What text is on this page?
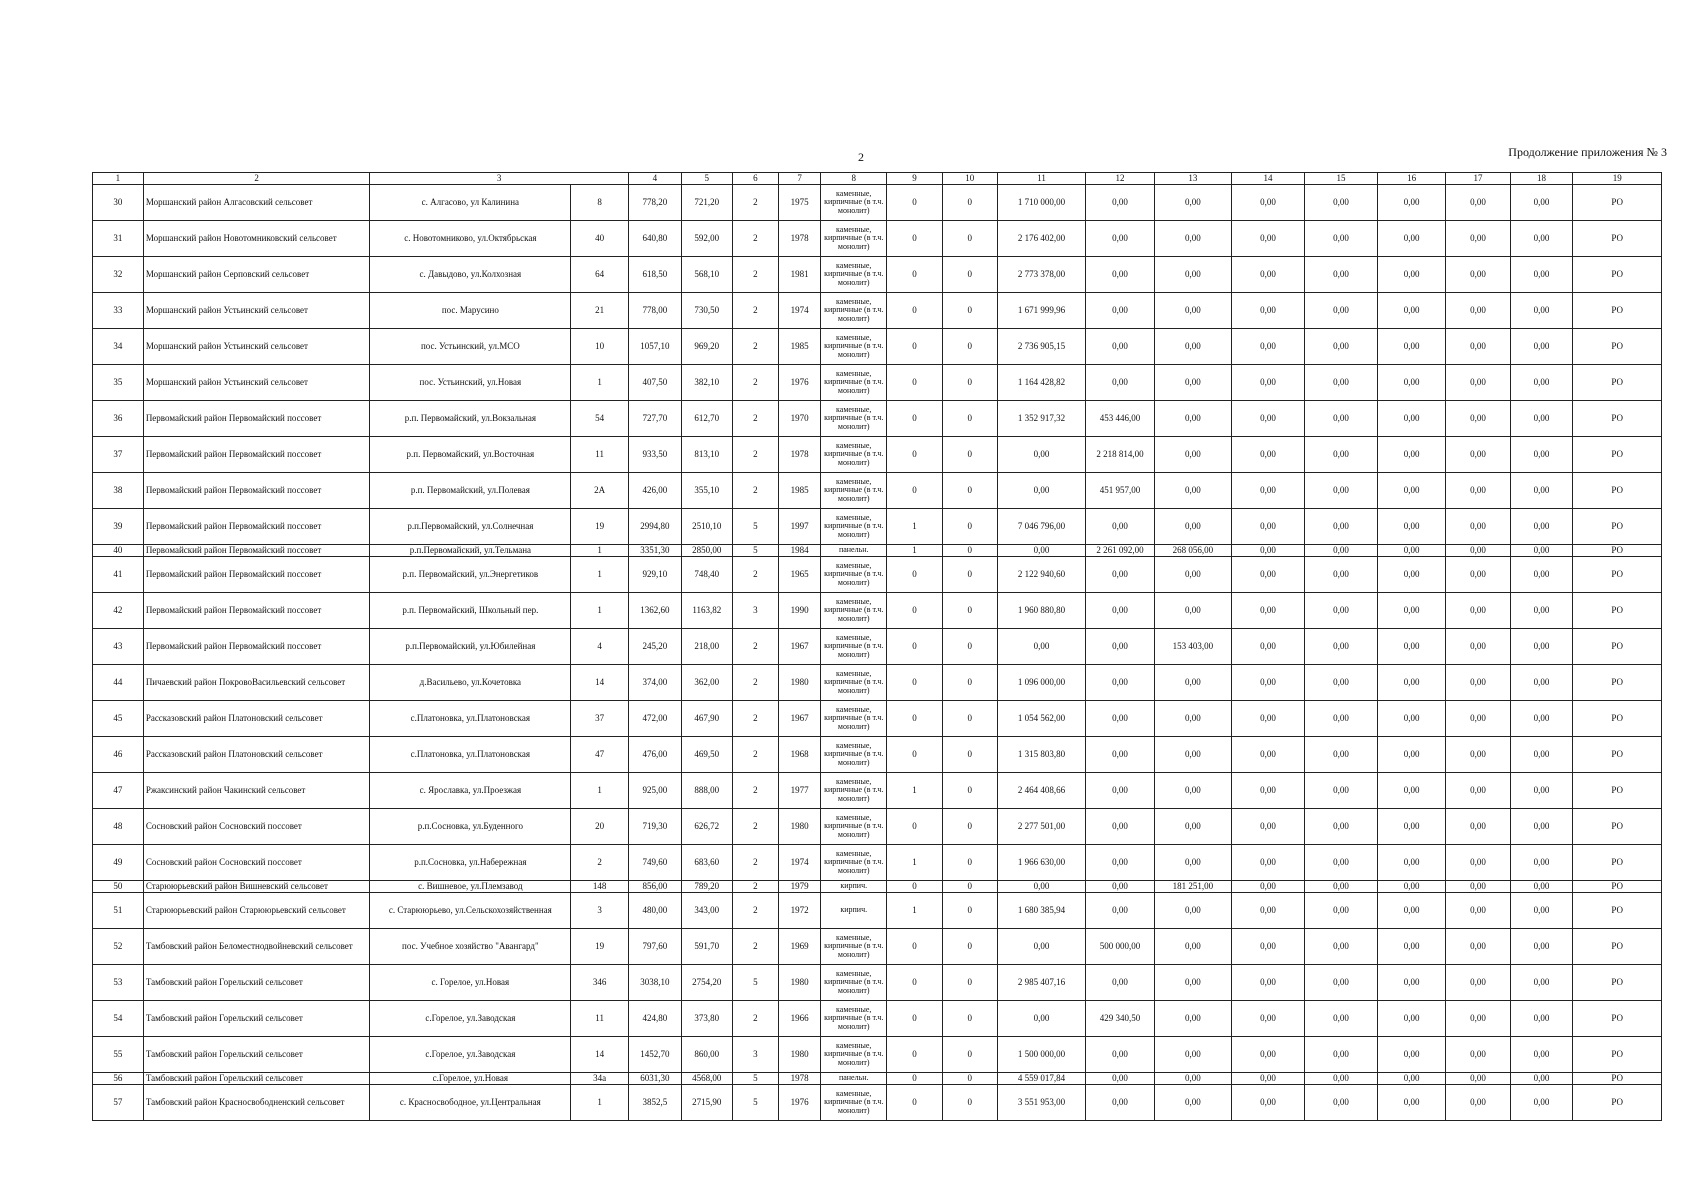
2	Продолжение приложения № 3
1	2	3		4	5	6	7	8	9	10	11	12	13	14	15	16	17	18	19
30	Моршанский район Алгасовский сельсовет	с. Алгасово, ул Калинина	8	778,20	721,20	2	1975	каменные, кирпичные (в т.ч. монолит)	0	0	1 710 000,00	0,00	0,00	0,00	0,00	0,00	0,00	0,00	РО
31	Моршанский район Новотомниковский сельсовет	с. Новотомниково, ул.Октябрьская	40	640,80	592,00	2	1978	каменные, кирпичные (в т.ч. монолит)	0	0	2 176 402,00	0,00	0,00	0,00	0,00	0,00	0,00	0,00	РО
32	Моршанский район Серповский сельсовет	с. Давыдово, ул.Колхозная	64	618,50	568,10	2	1981	каменные, кирпичные (в т.ч. монолит)	0	0	2 773 378,00	0,00	0,00	0,00	0,00	0,00	0,00	0,00	РО
33	Моршанский район Устьинский сельсовет	пос. Марусино	21	778,00	730,50	2	1974	каменные, кирпичные (в т.ч. монолит)	0	0	1 671 999,96	0,00	0,00	0,00	0,00	0,00	0,00	0,00	РО
34	Моршанский район Устьинский сельсовет	пос. Устьинский, ул.МСО	10	1057,10	969,20	2	1985	каменные, кирпичные (в т.ч. монолит)	0	0	2 736 905,15	0,00	0,00	0,00	0,00	0,00	0,00	0,00	РО
35	Моршанский район Устьинский сельсовет	пос. Устьинский, ул.Новая	1	407,50	382,10	2	1976	каменные, кирпичные (в т.ч. монолит)	0	0	1 164 428,82	0,00	0,00	0,00	0,00	0,00	0,00	0,00	РО
36	Первомайский район Первомайский поссовет	р.п. Первомайский, ул.Вокзальная	54	727,70	612,70	2	1970	каменные, кирпичные (в т.ч. монолит)	0	0	1 352 917,32	453 446,00	0,00	0,00	0,00	0,00	0,00	0,00	РО
37	Первомайский район Первомайский поссовет	р.п. Первомайский, ул.Восточная	11	933,50	813,10	2	1978	каменные, кирпичные (в т.ч. монолит)	0	0	0,00	2 218 814,00	0,00	0,00	0,00	0,00	0,00	0,00	РО
38	Первомайский район Первомайский поссовет	р.п. Первомайский, ул.Полевая	2А	426,00	355,10	2	1985	каменные, кирпичные (в т.ч. монолит)	0	0	0,00	451 957,00	0,00	0,00	0,00	0,00	0,00	0,00	РО
39	Первомайский район Первомайский поссовет	р.п.Первомайский, ул.Солнечная	19	2994,80	2510,10	5	1997	каменные, кирпичные (в т.ч. монолит)	1	0	7 046 796,00	0,00	0,00	0,00	0,00	0,00	0,00	0,00	РО
40	Первомайский район Первомайский поссовет	р.п.Первомайский, ул.Тельмана	1	3351,30	2850,00	5	1984	панельн.	1	0	0,00	2 261 092,00	268 056,00	0,00	0,00	0,00	0,00	0,00	РО
41	Первомайский район Первомайский поссовет	р.п. Первомайский, ул.Энергетиков	1	929,10	748,40	2	1965	каменные, кирпичные (в т.ч. монолит)	0	0	2 122 940,60	0,00	0,00	0,00	0,00	0,00	0,00	0,00	РО
42	Первомайский район Первомайский поссовет	р.п. Первомайский, Школьный пер.	1	1362,60	1163,82	3	1990	каменные, кирпичные (в т.ч. монолит)	0	0	1 960 880,80	0,00	0,00	0,00	0,00	0,00	0,00	0,00	РО
43	Первомайский район Первомайский поссовет	р.п.Первомайский, ул.Юбилейная	4	245,20	218,00	2	1967	каменные, кирпичные (в т.ч. монолит)	0	0	0,00	0,00	153 403,00	0,00	0,00	0,00	0,00	0,00	РО
44	Пичаевский район ПокровоВасильевский сельсовет	д.Васильево, ул.Кочетовка	14	374,00	362,00	2	1980	каменные, кирпичные (в т.ч. монолит)	0	0	1 096 000,00	0,00	0,00	0,00	0,00	0,00	0,00	0,00	РО
45	Рассказовский район Платоновский сельсовет	с.Платоновка, ул.Платоновская	37	472,00	467,90	2	1967	каменные, кирпичные (в т.ч. монолит)	0	0	1 054 562,00	0,00	0,00	0,00	0,00	0,00	0,00	0,00	РО
46	Рассказовский район Платоновский сельсовет	с.Платоновка, ул.Платоновская	47	476,00	469,50	2	1968	каменные, кирпичные (в т.ч. монолит)	0	0	1 315 803,80	0,00	0,00	0,00	0,00	0,00	0,00	0,00	РО
47	Ржаксинский район Чакинский сельсовет	с. Ярославка, ул.Проезжая	1	925,00	888,00	2	1977	каменные, кирпичные (в т.ч. монолит)	1	0	2 464 408,66	0,00	0,00	0,00	0,00	0,00	0,00	0,00	РО
48	Сосновский район Сосновский поссовет	р.п.Сосновка, ул.Буденного	20	719,30	626,72	2	1980	каменные, кирпичные (в т.ч. монолит)	0	0	2 277 501,00	0,00	0,00	0,00	0,00	0,00	0,00	0,00	РО
49	Сосновский район Сосновский поссовет	р.п.Сосновка, ул.Набережная	2	749,60	683,60	2	1974	каменные, кирпичные (в т.ч. монолит)	1	0	1 966 630,00	0,00	0,00	0,00	0,00	0,00	0,00	0,00	РО
50	Старююрьевский район Вишневский сельсовет	с. Вишневое, ул.Племзавод	148	856,00	789,20	2	1979	кирпич.	0	0	0,00	0,00	181 251,00	0,00	0,00	0,00	0,00	0,00	РО
51	Старююрьевский район Старююрьевский сельсовет	с. Старююрьево, ул.Сельскохозяйственная	3	480,00	343,00	2	1972	кирпич.	1	0	1 680 385,94	0,00	0,00	0,00	0,00	0,00	0,00	0,00	РО
52	Тамбовский район Беломестнодвойневский сельсовет	пос. Учебное хозяйство "Авангард"	19	797,60	591,70	2	1969	каменные, кирпичные (в т.ч. монолит)	0	0	0,00	500 000,00	0,00	0,00	0,00	0,00	0,00	0,00	РО
53	Тамбовский район Горельский сельсовет	с. Горелое, ул.Новая	346	3038,10	2754,20	5	1980	каменные, кирпичные (в т.ч. монолит)	0	0	2 985 407,16	0,00	0,00	0,00	0,00	0,00	0,00	0,00	РО
54	Тамбовский район Горельский сельсовет	с.Горелое, ул.Заводская	11	424,80	373,80	2	1966	каменные, кирпичные (в т.ч. монолит)	0	0	0,00	429 340,50	0,00	0,00	0,00	0,00	0,00	0,00	РО
55	Тамбовский район Горельский сельсовет	с.Горелое, ул.Заводская	14	1452,70	860,00	3	1980	каменные, кирпичные (в т.ч. монолит)	0	0	1 500 000,00	0,00	0,00	0,00	0,00	0,00	0,00	0,00	РО
56	Тамбовский район Горельский сельсовет	с.Горелое, ул.Новая	34а	6031,30	4568,00	5	1978	панельн.	0	0	4 559 017,84	0,00	0,00	0,00	0,00	0,00	0,00	0,00	РО
57	Тамбовский район Красносвободненский сельсовет	с. Красносвободное, ул.Центральная	1	3852,5	2715,90	5	1976	каменные, кирпичные (в т.ч. монолит)	0	0	3 551 953,00	0,00	0,00	0,00	0,00	0,00	0,00	0,00	РО
